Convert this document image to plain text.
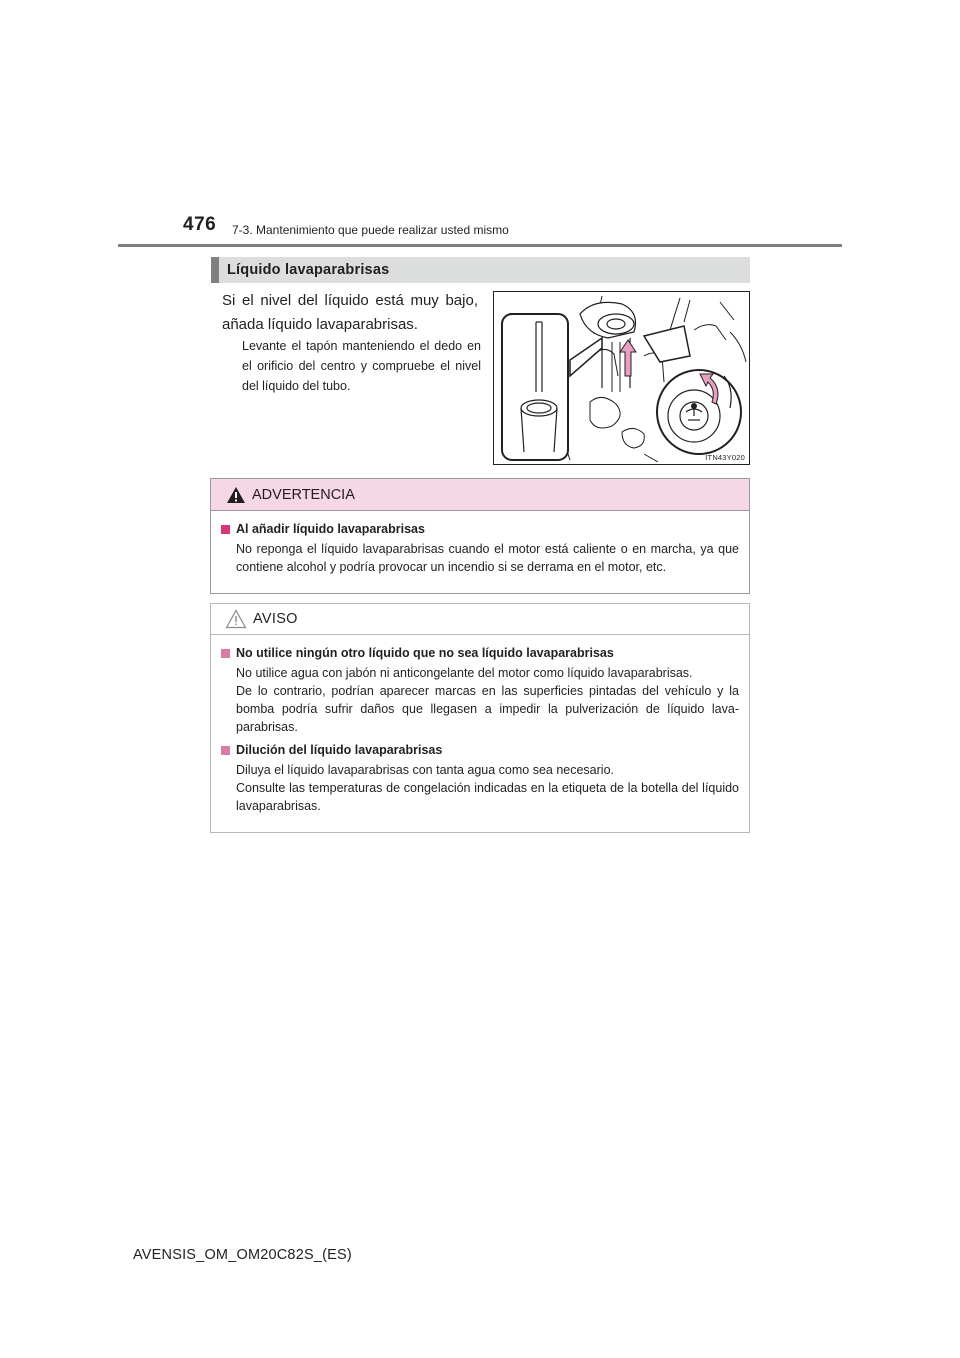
476 7-3. Mantenimiento que puede realizar usted mismo
Líquido lavaparabrisas
Si el nivel del líquido está muy bajo, añada líquido lavaparabrisas.
Levante el tapón manteniendo el dedo en el orificio del centro y compruebe el nivel del líquido del tubo.
ITN43Y020
ADVERTENCIA
Al añadir líquido lavaparabrisas

No reponga el líquido lavaparabrisas cuando el motor está caliente o en marcha, ya que contiene alcohol y podría provocar un incendio si se derrama en el motor, etc.

AVISO
No utilice ningún otro líquido que no sea líquido lavaparabrisas

No utilice agua con jabón ni anticongelante del motor como líquido lavaparabrisas.

De lo contrario, podrían aparecer marcas en las superficies pintadas del vehículo y la bomba podría sufrir daños que llegasen a impedir la pulverización de líquido lava-parabrisas.

Dilución del líquido lavaparabrisas

Diluya el líquido lavaparabrisas con tanta agua como sea necesario.

Consulte las temperaturas de congelación indicadas en la etiqueta de la botella del líquido lavaparabrisas.

AVENSIS_OM_OM20C82S_(ES)
